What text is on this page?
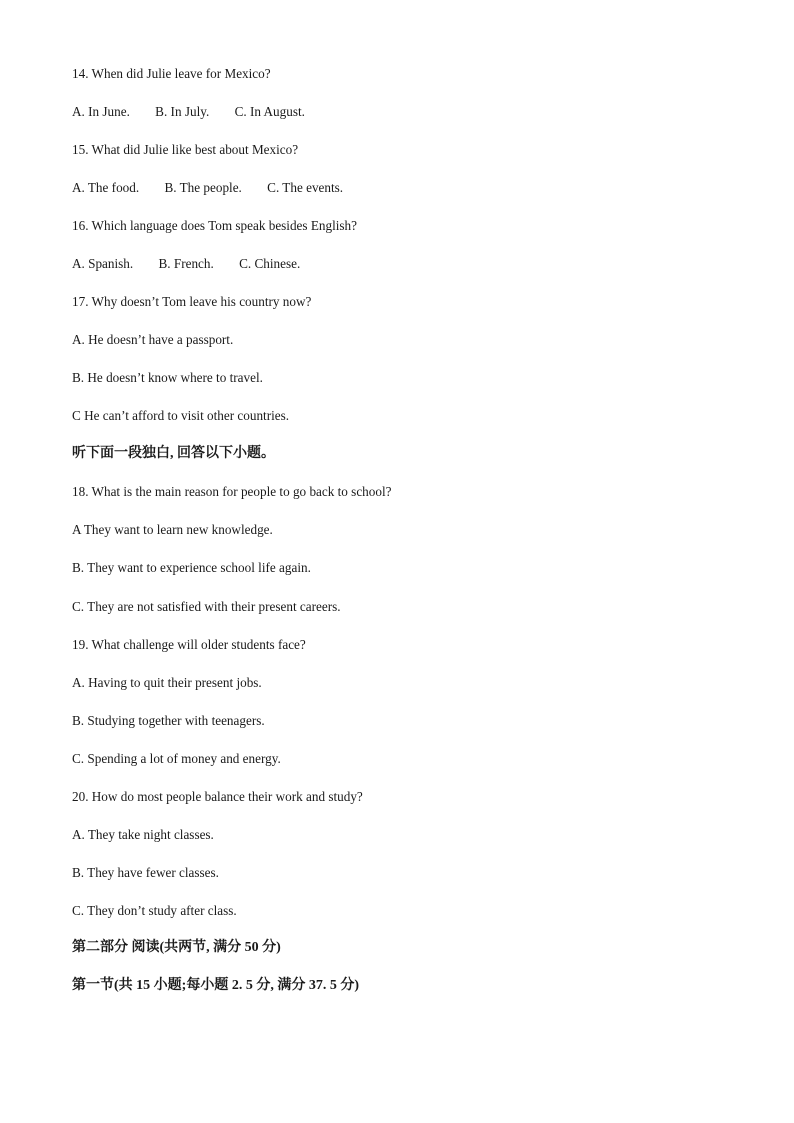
14. When did Julie leave for Mexico?
A. In June. B. In July. C. In August.
15. What did Julie like best about Mexico?
A. The food. B. The people. C. The events.
16. Which language does Tom speak besides English?
A. Spanish. B. French. C. Chinese.
17. Why doesn’t Tom leave his country now?
A. He doesn’t have a passport.
B. He doesn’t know where to travel.
C He can’t afford to visit other countries.
听下面一段独白, 回答以下小题。
18. What is the main reason for people to go back to school?
A They want to learn new knowledge.
B. They want to experience school life again.
C. They are not satisfied with their present careers.
19. What challenge will older students face?
A. Having to quit their present jobs.
B. Studying together with teenagers.
C. Spending a lot of money and energy.
20. How do most people balance their work and study?
A. They take night classes.
B. They have fewer classes.
C. They don’t study after class.
第二部分 阅读(共两节, 满分 50 分)
第一节(共 15 小题;每小题 2. 5 分, 满分 37. 5 分)
